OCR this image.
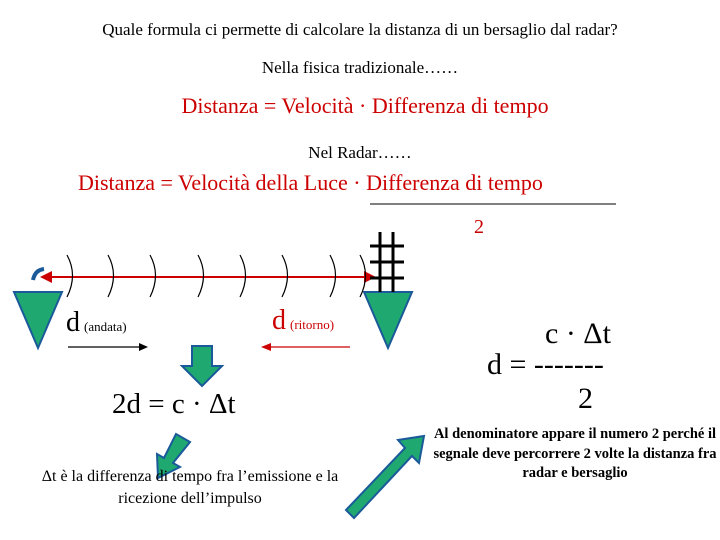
Quale formula ci permette di calcolare la distanza di un bersaglio dal radar?
Nella fisica tradizionale……
Distanza = Velocità · Differenza di tempo
Nel Radar……
Distanza = Velocità della Luce · Differenza di tempo
2
d (andata)	d (ritorno)
2d = c · Δt
c · Δt
d = -------
2
Δt è la differenza di tempo fra l’emissione e la ricezione dell’impulso
Al denominatore appare il numero 2 perché il segnale deve percorrere 2 volte la distanza fra radar e bersaglio
